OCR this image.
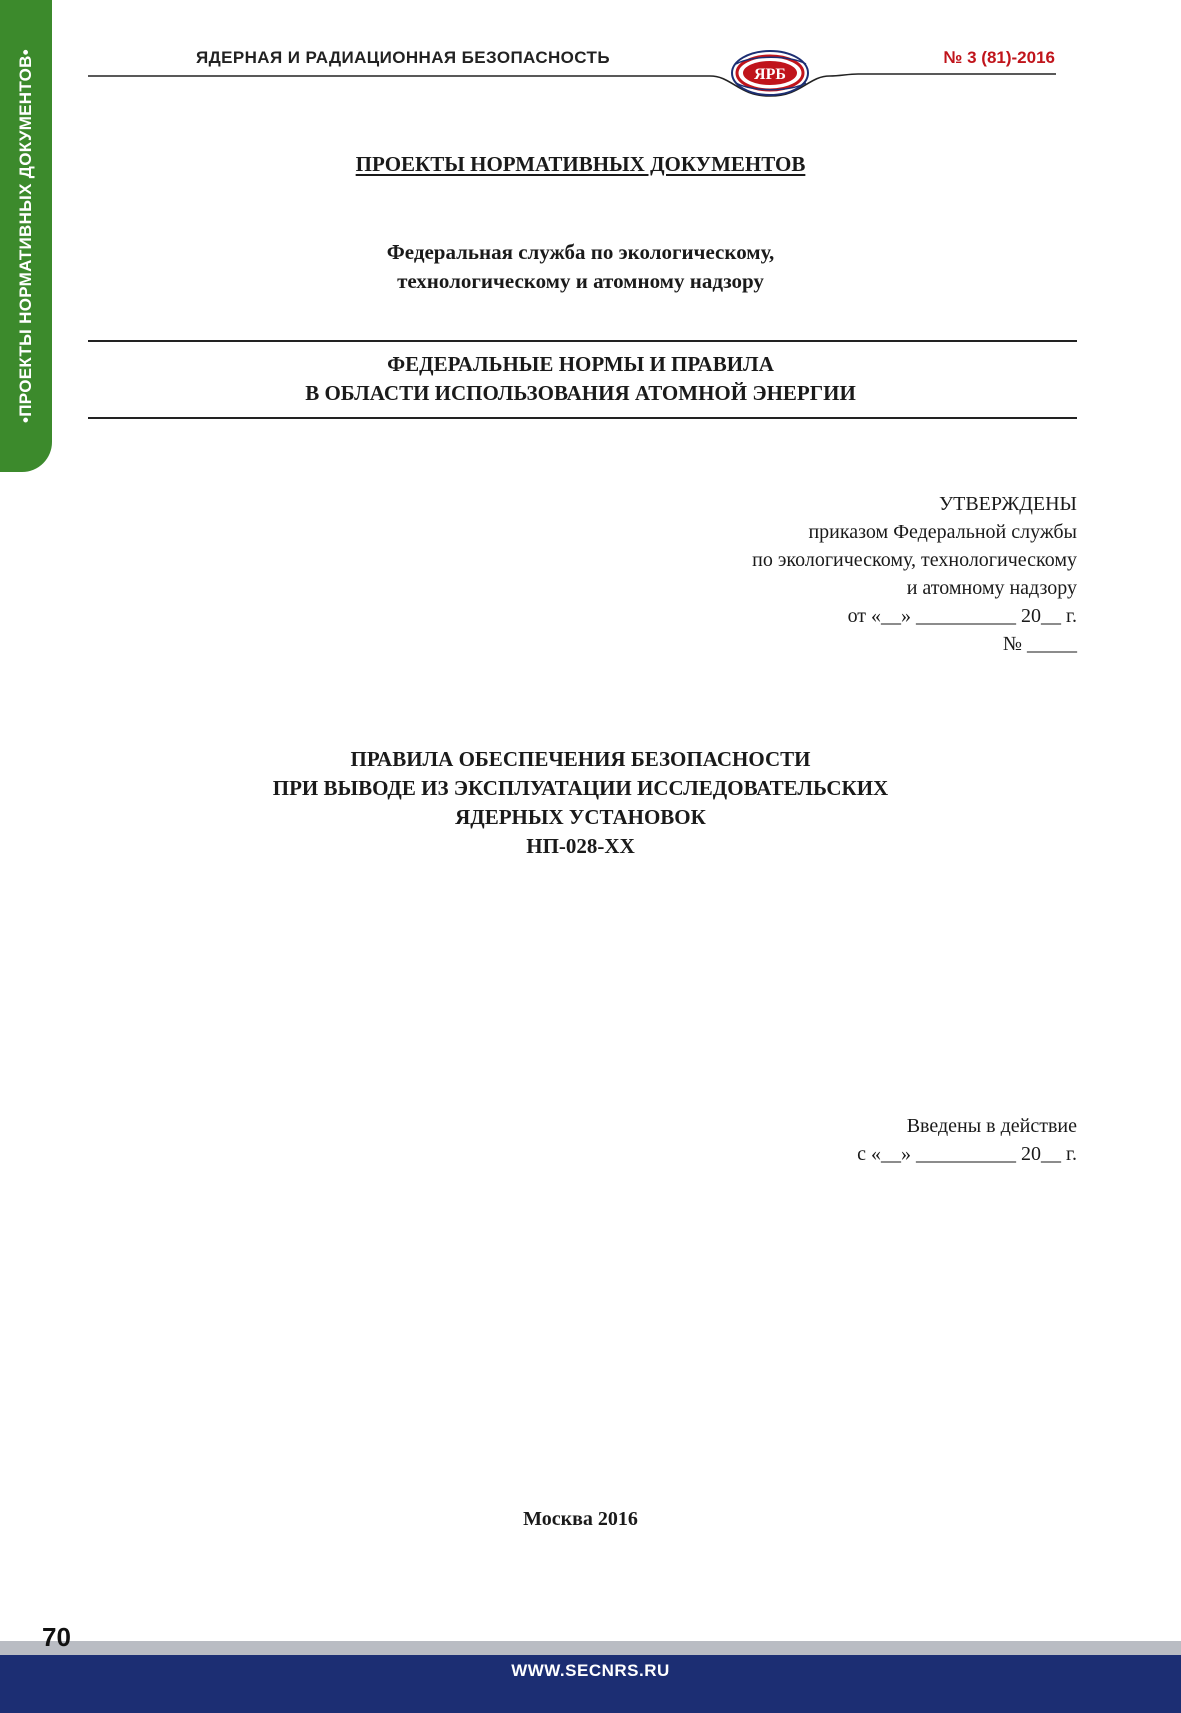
•ПРОЕКТЫ НОРМАТИВНЫХ ДОКУМЕНТОВ•	ЯРБ
ЯДЕРНАЯ И РАДИАЦИОННАЯ БЕЗОПАСНОСТЬ	№ 3 (81)-2016
ПРОЕКТЫ НОРМАТИВНЫХ ДОКУМЕНТОВ
Федеральная служба по экологическому,
технологическому и атомному надзору
ФЕДЕРАЛЬНЫЕ НОРМЫ И ПРАВИЛА
В ОБЛАСТИ ИСПОЛЬЗОВАНИЯ АТОМНОЙ ЭНЕРГИИ
УТВЕРЖДЕНЫ
приказом Федеральной службы
по экологическому, технологическому
и атомному надзору
от «__» __________ 20__ г.
№ _____
ПРАВИЛА ОБЕСПЕЧЕНИЯ БЕЗОПАСНОСТИ
ПРИ ВЫВОДЕ ИЗ ЭКСПЛУАТАЦИИ ИССЛЕДОВАТЕЛЬСКИХ
ЯДЕРНЫХ УСТАНОВОК
НП-028-ХХ
Введены в действие
с «__» __________ 20__ г.
Москва 2016
70
WWW.SECNRS.RU
